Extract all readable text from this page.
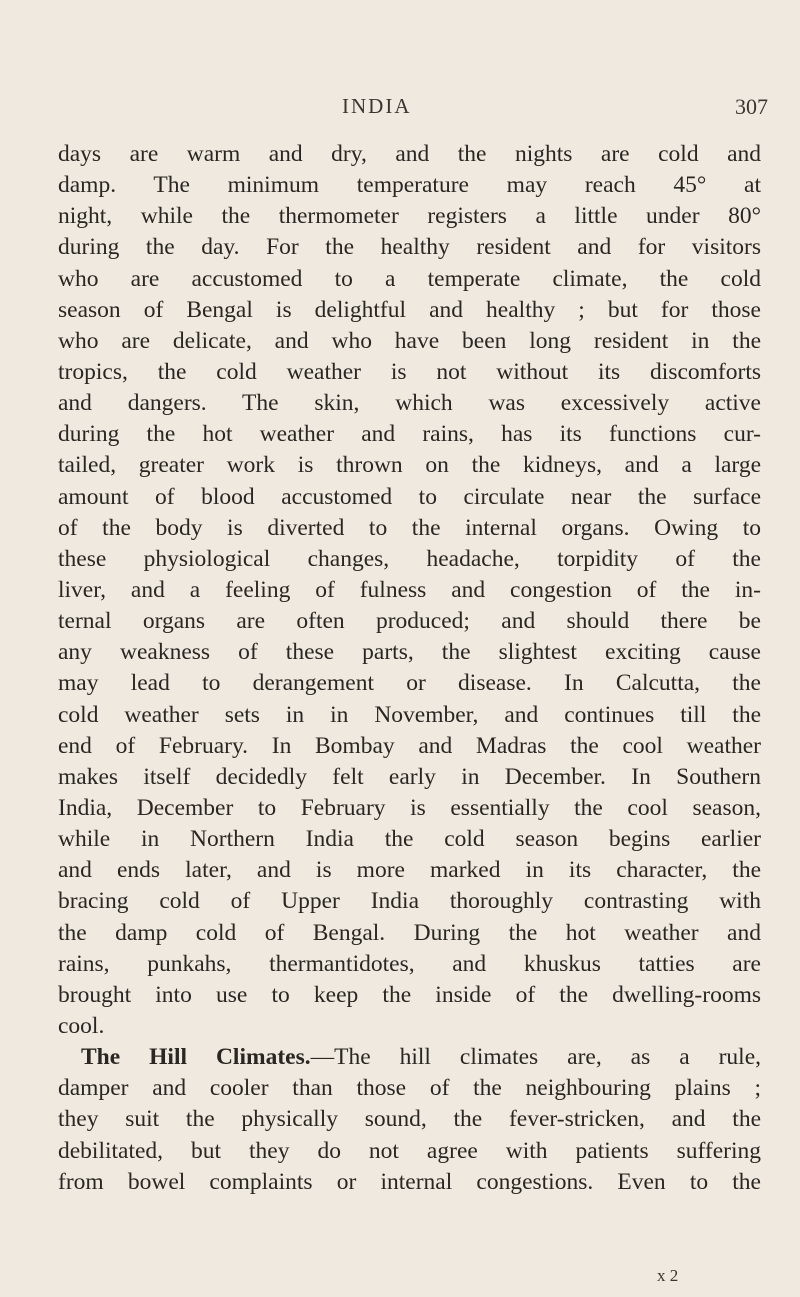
INDIA	307
days are warm and dry, and the nights are cold and
damp. The minimum temperature may reach 45° at
night, while the thermometer registers a little under 80°
during the day. For the healthy resident and for visitors
who are accustomed to a temperate climate, the cold
season of Bengal is delightful and healthy ; but for those
who are delicate, and who have been long resident in the
tropics, the cold weather is not without its discomforts
and dangers. The skin, which was excessively active
during the hot weather and rains, has its functions cur-
tailed, greater work is thrown on the kidneys, and a large
amount of blood accustomed to circulate near the surface
of the body is diverted to the internal organs. Owing to
these physiological changes, headache, torpidity of the
liver, and a feeling of fulness and congestion of the in-
ternal organs are often produced; and should there be
any weakness of these parts, the slightest exciting cause
may lead to derangement or disease. In Calcutta, the
cold weather sets in in November, and continues till the
end of February. In Bombay and Madras the cool weather
makes itself decidedly felt early in December. In Southern
India, December to February is essentially the cool season,
while in Northern India the cold season begins earlier
and ends later, and is more marked in its character, the
bracing cold of Upper India thoroughly contrasting with
the damp cold of Bengal. During the hot weather and
rains, punkahs, thermantidotes, and khuskus tatties are
brought into use to keep the inside of the dwelling-rooms
cool.
The Hill Climates.—The hill climates are, as a rule,
damper and cooler than those of the neighbouring plains ;
they suit the physically sound, the fever-stricken, and the
debilitated, but they do not agree with patients suffering
from bowel complaints or internal congestions. Even to the
x 2
